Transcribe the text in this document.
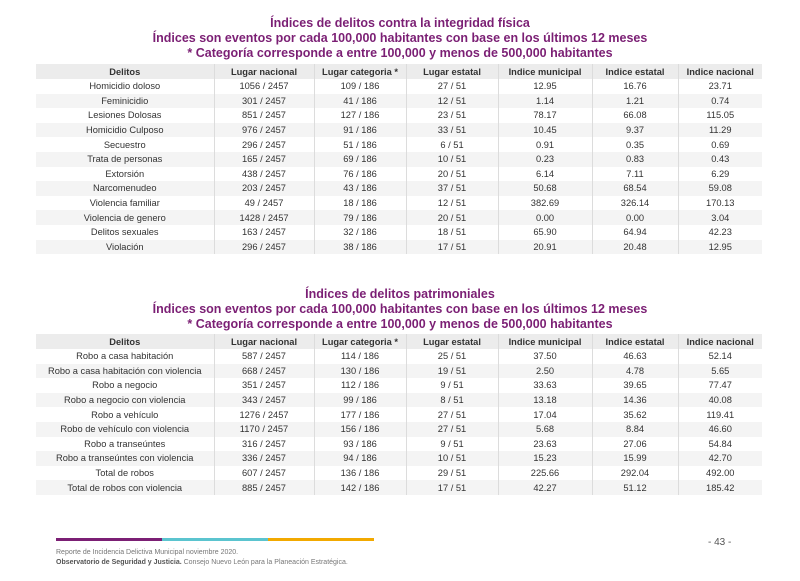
Índices de delitos contra la integridad física
Índices son eventos por cada 100,000 habitantes con base en los últimos 12 meses
* Categoría corresponde a entre 100,000 y menos de 500,000 habitantes
Delitos	Lugar nacional	Lugar categoria *	Lugar estatal	Indice municipal	Indice estatal	Indice nacional
Homicidio doloso	1056 / 2457	109 / 186	27 / 51	12.95	16.76	23.71
Feminicidio	301 / 2457	41 / 186	12 / 51	1.14	1.21	0.74
Lesiones Dolosas	851 / 2457	127 / 186	23 / 51	78.17	66.08	115.05
Homicidio Culposo	976 / 2457	91 / 186	33 / 51	10.45	9.37	11.29
Secuestro	296 / 2457	51 / 186	6 / 51	0.91	0.35	0.69
Trata de personas	165 / 2457	69 / 186	10 / 51	0.23	0.83	0.43
Extorsión	438 / 2457	76 / 186	20 / 51	6.14	7.11	6.29
Narcomenudeo	203 / 2457	43 / 186	37 / 51	50.68	68.54	59.08
Violencia familiar	49 / 2457	18 / 186	12 / 51	382.69	326.14	170.13
Violencia de genero	1428 / 2457	79 / 186	20 / 51	0.00	0.00	3.04
Delitos sexuales	163 / 2457	32 / 186	18 / 51	65.90	64.94	42.23
Violación	296 / 2457	38 / 186	17 / 51	20.91	20.48	12.95
Índices de delitos patrimoniales
Índices son eventos por cada 100,000 habitantes con base en los últimos 12 meses
* Categoría corresponde a entre 100,000 y menos de 500,000 habitantes
Delitos	Lugar nacional	Lugar categoria *	Lugar estatal	Indice municipal	Indice estatal	Indice nacional
Robo a casa habitación	587 / 2457	114 / 186	25 / 51	37.50	46.63	52.14
Robo a casa habitación con violencia	668 / 2457	130 / 186	19 / 51	2.50	4.78	5.65
Robo a negocio	351 / 2457	112 / 186	9 / 51	33.63	39.65	77.47
Robo a negocio con violencia	343 / 2457	99 / 186	8 / 51	13.18	14.36	40.08
Robo a vehículo	1276 / 2457	177 / 186	27 / 51	17.04	35.62	119.41
Robo de vehículo con violencia	1170 / 2457	156 / 186	27 / 51	5.68	8.84	46.60
Robo a transeúntes	316 / 2457	93 / 186	9 / 51	23.63	27.06	54.84
Robo a transeúntes con violencia	336 / 2457	94 / 186	10 / 51	15.23	15.99	42.70
Total de robos	607 / 2457	136 / 186	29 / 51	225.66	292.04	492.00
Total de robos con violencia	885 / 2457	142 / 186	17 / 51	42.27	51.12	185.42
- 43 -
Reporte de Incidencia Delictiva Municipal noviembre 2020.
Observatorio de Seguridad y Justicia. Consejo Nuevo León para la Planeación Estratégica.
